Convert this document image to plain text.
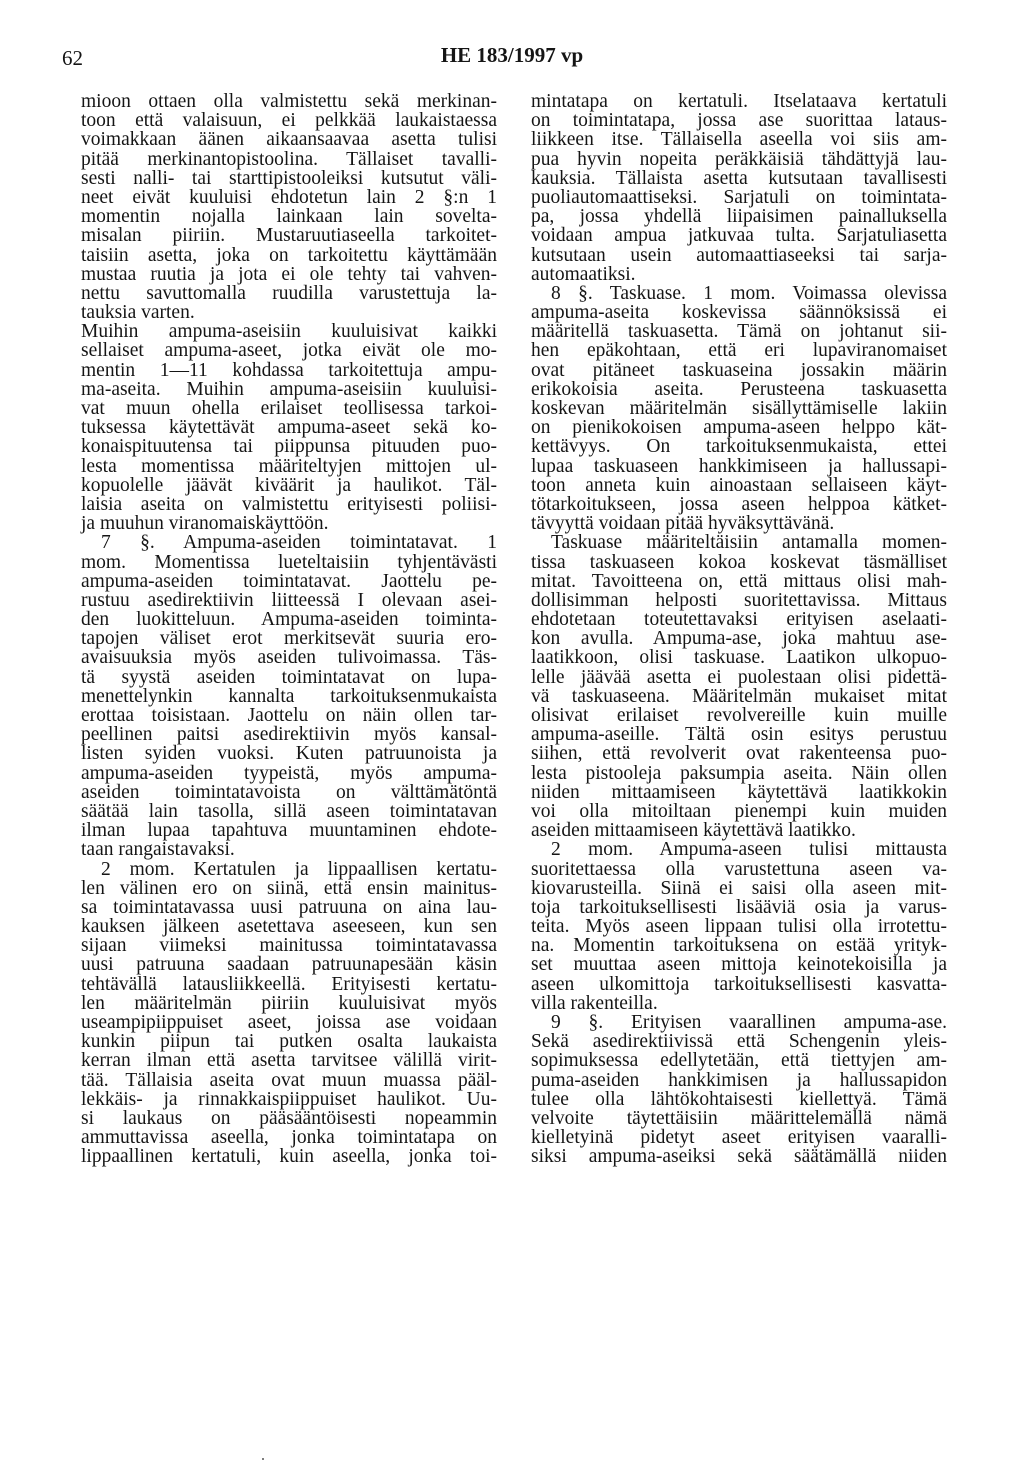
62	HE 183/1997 vp
mioon ottaen olla valmistettu sekä merkinan-
toon että valaisuun, ei pelkkää laukaistaessa
voimakkaan äänen aikaansaavaa asetta tulisi
pitää merkinantopistoolina. Tällaiset tavalli-
sesti nalli- tai starttipistooleiksi kutsutut väli-
neet eivät kuuluisi ehdotetun lain 2 §:n 1
momentin nojalla lainkaan lain soveltа-
misalan piiriin. Mustaruutiaseella tarkoitet-
taisiin asetta, joka on tarkoitettu käyttämään
mustaa ruutia ja jota ei ole tehty tai vahven-
nettu savuttomalla ruudilla varustettuja la-
tauksia varten.
Muihin ampuma-aseisiin kuuluisivat kaikki
sellaiset ampuma-aseet, jotka eivät ole mo-
mentin 1—11 kohdassa tarkoitettuja ampu-
ma-aseita. Muihin ampuma-aseisiin kuuluisi-
vat muun ohella erilaiset teollisessa tarkoi-
tuksessa käytettävät ampuma-aseet sekä ko-
konaispituutensa tai piippunsa pituuden puo-
lesta momentissa määriteltyjen mittojen ul-
kopuolelle jäävät kiväärit ja haulikot. Täl-
laisia aseita on valmistettu erityisesti poliisi-
ja muuhun viranomaiskäyttöön.
7 §. Ampuma-aseiden toimintatavat. 1
mom. Momentissa lueteltaisiin tyhjentävästi
ampuma-aseiden toimintatavat. Jaottelu pe-
rustuu asedirektiivin liitteessä I olevaan asei-
den luokitteluun. Ampuma-aseiden toiminta-
tapojen väliset erot merkitsevät suuria ero-
avaisuuksia myös aseiden tulivoimassa. Täs-
tä syystä aseiden toimintatavat on lupa-
menettelynkin kannalta tarkoituksenmukaista
erottaa toisistaan. Jaottelu on näin ollen tar-
peellinen paitsi asedirektiivin myös kansal-
listen syiden vuoksi. Kuten patruunoista ja
ampuma-aseiden tyypeistä, myös ampuma-
aseiden toimintatavoista on välttämätöntä
säätää lain tasolla, sillä aseen toimintatavan
ilman lupaa tapahtuva muuntaminen ehdote-
taan rangaistavaksi.
2 mom. Kertatulen ja lippaallisen kertatu-
len välinen ero on siinä, että ensin mainitus-
sa toimintatavassa uusi patruuna on aina lau-
kauksen jälkeen asetettava aseeseen, kun sen
sijaan viimeksi mainitussa toimintatavassa
uusi patruuna saadaan patruunapesään käsin
tehtävällä latausliikkeellä. Erityisesti kertatu-
len määritelmän piiriin kuuluisivat myös
useampipiippuiset aseet, joissa ase voidaan
kunkin piipun tai putken osalta laukaista
kerran ilman että asetta tarvitsee välillä virit-
tää. Tällaisia aseita ovat muun muassa pääl-
lekkäis- ja rinnakkaispiippuiset haulikot. Uu-
si laukaus on pääsääntöisesti nopeammin
ammuttavissa aseella, jonka toimintatapa on
lippaallinen kertatuli, kuin aseella, jonka toi-
mintatapa on kertatuli. Itselataava kertatuli
on toimintatapa, jossa ase suorittaa lataus-
liikkeen itse. Tällaisella aseella voi siis am-
pua hyvin nopeita peräkkäisiä tähdättyjä lau-
kauksia. Tällaista asetta kutsutaan tavallisesti
puoliautomaattiseksi. Sarjatuli on toimintata-
pa, jossa yhdellä liipaisimen painalluksella
voidaan ampua jatkuvaa tulta. Sarjatuliasetta
kutsutaan usein automaattiaseeksi tai sarja-
automaatiksi.
8 §. Taskuase. 1 mom. Voimassa olevissa
ampuma-aseita koskevissa säännöksissä ei
määritellä taskuasetta. Tämä on johtanut sii-
hen epäkohtaan, että eri lupaviranomaiset
ovat pitäneet taskuaseina jossakin määrin
erikokoisia aseita. Perusteena taskuasetta
koskevan määritelmän sisällyttämiselle lakiin
on pienikokoisen ampuma-aseen helppo kät-
kettävyys. On tarkoituksenmukaista, ettei
lupaa taskuaseen hankkimiseen ja hallussapi-
toon anneta kuin ainoastaan sellaiseen käyt-
tötarkoitukseen, jossa aseen helppoa kätket-
tävyyttä voidaan pitää hyväksyttävänä.
Taskuase määriteltäisiin antamalla momen-
tissa taskuaseen kokoa koskevat täsmälliset
mitat. Tavoitteena on, että mittaus olisi mah-
dollisimman helposti suoritettavissa. Mittaus
ehdotetaan toteutettavaksi erityisen aselaati-
kon avulla. Ampuma-ase, joka mahtuu ase-
laatikkoon, olisi taskuase. Laatikon ulkopuo-
lelle jäävää asetta ei puolestaan olisi pidettä-
vä taskuaseena. Määritelmän mukaiset mitat
olisivat erilaiset revolvereille kuin muille
ampuma-aseille. Tältä osin esitys perustuu
siihen, että revolverit ovat rakenteensa puo-
lesta pistooleja paksumpia aseita. Näin ollen
niiden mittaamiseen käytettävä laatikkokin
voi olla mitoiltaan pienempi kuin muiden
aseiden mittaamiseen käytettävä laatikko.
2 mom. Ampuma-aseen tulisi mittausta
suoritettaessa olla varustettuna aseen va-
kiovarusteilla. Siinä ei saisi olla aseen mit-
toja tarkoituksellisesti lisääviä osia ja varus-
teita. Myös aseen lippaan tulisi olla irrotettu-
na. Momentin tarkoituksena on estää yrityk-
set muuttaa aseen mittoja keinotekoisilla ja
aseen ulkomittoja tarkoituksellisesti kasvatta-
villa rakenteilla.
9 §. Erityisen vaarallinen ampuma-ase.
Sekä asedirektiivissä että Schengenin yleis-
sopimuksessa edellytetään, että tiettyjen am-
puma-aseiden hankkimisen ja hallussapidon
tulee olla lähtökohtaisesti kiellettyä. Tämä
velvoite täytettäisiin määrittelemällä nämä
kielletyinä pidetyt aseet erityisen vaaralli-
siksi ampuma-aseiksi sekä säätämällä niiden
